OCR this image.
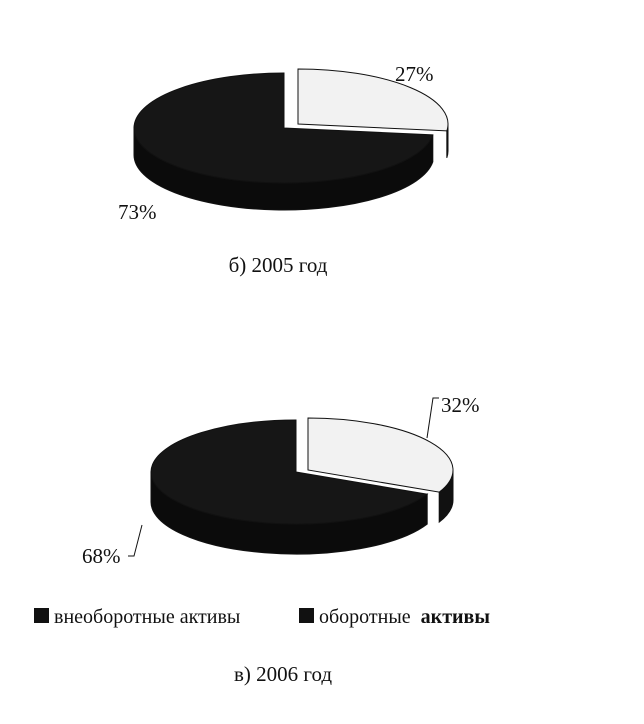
73%
27%
б) 2005 год
68%
32%
в) 2006 год
внеоборотные активы	оборотные активы
